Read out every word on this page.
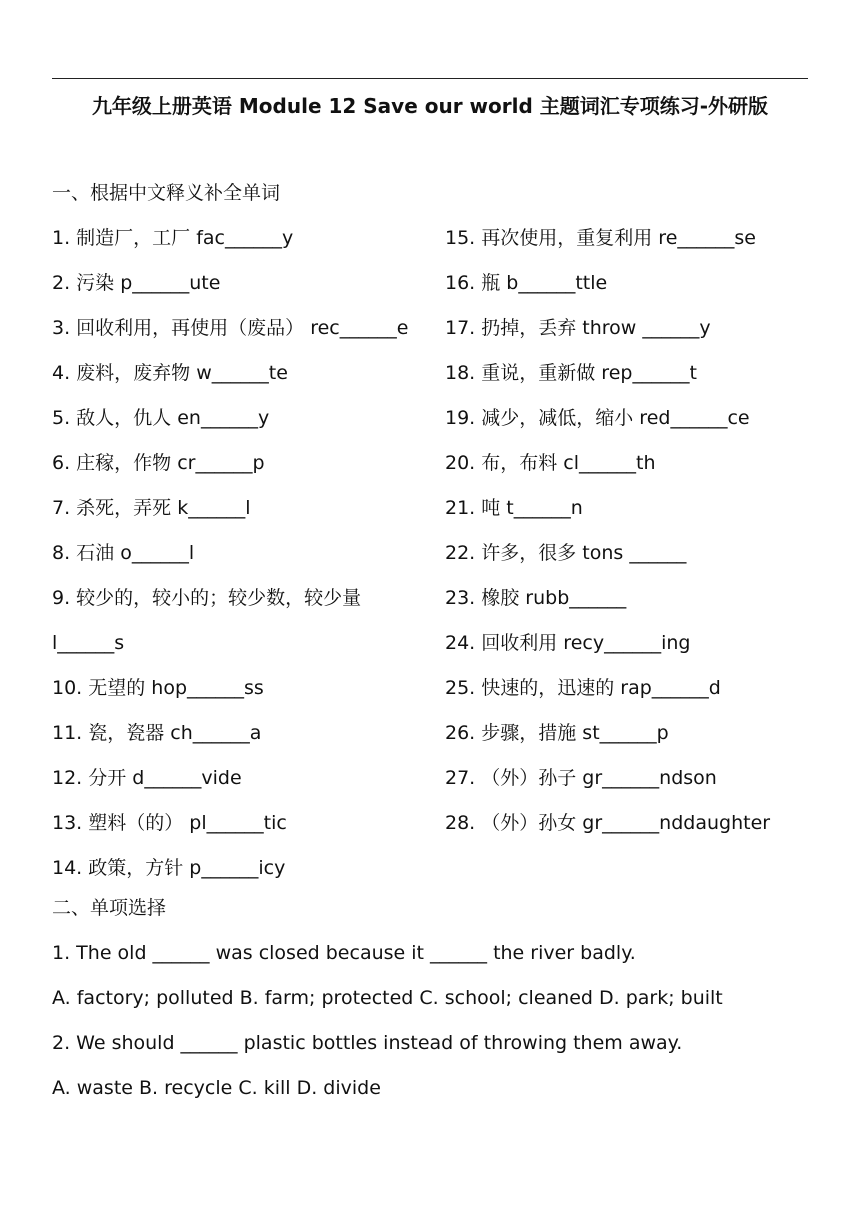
九年级上册英语 Module 12 Save our world 主题词汇专项练习-外研版
一、根据中文释义补全单词
1. 制造厂，工厂 fac______y
2. 污染 p______ute
3. 回收利用，再使用（废品） rec______e
4. 废料，废弃物 w______te
5. 敌人，仇人 en______y
6. 庄稼，作物 cr______p
7. 杀死，弄死 k______l
8. 石油 o______l
9. 较少的，较小的；较少数，较少量
l______s
10. 无望的 hop______ss
11. 瓷，瓷器 ch______a
12. 分开 d______vide
13. 塑料（的） pl______tic
14. 政策，方针 p______icy
15. 再次使用，重复利用 re______se
16. 瓶 b______ttle
17. 扔掉，丢弃 throw ______y
18. 重说，重新做 rep______t
19. 减少，减低，缩小 red______ce
20. 布，布料 cl______th
21. 吨 t______n
22. 许多，很多 tons ______
23. 橡胶 rubb______
24. 回收利用 recy______ing
25. 快速的，迅速的 rap______d
26. 步骤，措施 st______p
27. （外）孙子 gr______ndson
28. （外）孙女 gr______nddaughter
二、单项选择
1. The old ______ was closed because it ______ the river badly.
A. factory; polluted B. farm; protected C. school; cleaned D. park; built
2. We should ______ plastic bottles instead of throwing them away.
A. waste B. recycle C. kill D. divide
